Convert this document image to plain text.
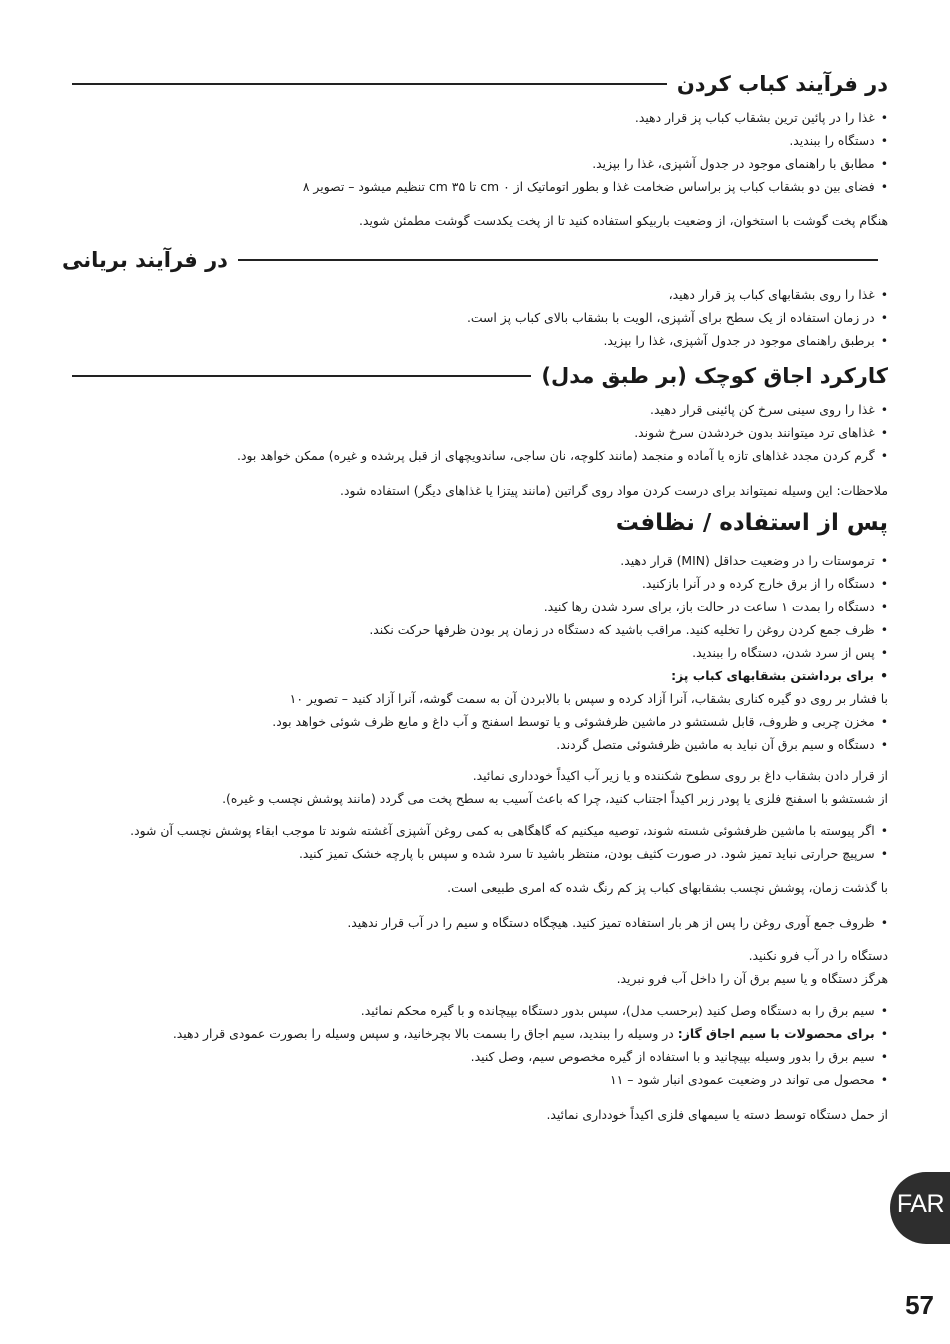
در فرآیند کباب کردن

• غذا را در پائین ترین بشقاب کباب پز قرار دهید.

• دستگاه را ببندید.

• مطابق با راهنمای موجود در جدول آشپزی، غذا را بپزید.

• فضای بین دو بشقاب کباب پز براساس ضخامت غذا و بطور اتوماتیک از ۰ cm تا ۳۵ cm تنظیم میشود – تصویر ۸

هنگام پخت گوشت با استخوان، از وضعیت باربیکو استفاده کنید تا از پخت یکدست گوشت مطمئن شوید.

در فرآیند بریانی

• غذا را روی بشقابهای کباب پز قرار دهید،

• در زمان استفاده از یک سطح برای آشپزی، الویت با بشقاب بالای کباب پز است.

• برطبق راهنمای موجود در جدول آشپزی، غذا را بپزید.

کارکرد اجاق کوچک (بر طبق مدل)

• غذا را روی سینی سرخ کن پائینی قرار دهید.

• غذاهای ترد میتوانند بدون خردشدن سرخ شوند.

• گرم کردن مجدد غذاهای تازه یا آماده و منجمد (مانند کلوچه، نان ساجی، ساندویچهای از قبل پرشده و غیره) ممکن خواهد بود.

ملاحظات: این وسیله نمیتواند برای درست کردن مواد روی گراتین (مانند پیتزا یا غذاهای دیگر) استفاده شود.

پس از استفاده / نظافت

• ترموستات را در وضعیت حداقل (MIN) قرار دهید.

• دستگاه را از برق خارج کرده و در آنرا بازکنید.

• دستگاه را بمدت ۱ ساعت در حالت باز، برای سرد شدن رها کنید.

• ظرف جمع کردن روغن را تخلیه کنید. مراقب باشید که دستگاه در زمان پر بودن ظرفها حرکت نکند.

• پس از سرد شدن، دستگاه را ببندید.

• برای برداشتن بشقابهای کباب پز:

با فشار بر روی دو گیره کناری بشقاب، آنرا آزاد کرده و سپس با بالابردن آن به سمت گوشه، آنرا آزاد کنید – تصویر ۱۰

• مخزن چربی و ظروف، قابل شستشو در ماشین ظرفشوئی و یا توسط اسفنج و آب داغ و مایع ظرف شوئی خواهد بود.

• دستگاه و سیم برق آن نباید به ماشین ظرفشوئی متصل گردند.

از قرار دادن بشقاب داغ بر روی سطوح شکننده و یا زیر آب اکیداً خودداری نمائید.

از شستشو با اسفنج فلزی یا پودر زبر اکیداً اجتناب کنید، چرا که باعث آسیب به سطح پخت می گردد (مانند پوشش نچسب و غیره).

• اگر پیوسته با ماشین ظرفشوئی شسته شوند، توصیه میکنیم که گاهگاهی به کمی روغن آشپزی آغشته شوند تا موجب ابقاء پوشش نچسب آن شود.

• سرپیچ حرارتی نباید تمیز شود. در صورت کثیف بودن، منتظر باشید تا سرد شده و سپس با پارچه خشک تمیز کنید.

با گذشت زمان، پوشش نچسب بشقابهای کباب پز کم رنگ شده که امری طبیعی است.

• ظروف جمع آوری روغن را پس از هر بار استفاده تمیز کنید. هیچگاه دستگاه و سیم را در آب قرار ندهید.

دستگاه را در آب فرو نکنید.

هرگز دستگاه و یا سیم برق آن را داخل آب فرو نبرید.

• سیم برق را به دستگاه وصل کنید (برحسب مدل)، سپس بدور دستگاه بپیچانده و با گیره محکم نمائید.

• برای محصولات با سیم اجاق گاز: در وسیله را ببندید، سیم اجاق را بسمت بالا بچرخانید، و سپس وسیله را بصورت عمودی قرار دهید.

• سیم برق را بدور وسیله بپیچانید و با استفاده از گیره مخصوص سیم، وصل کنید.

• محصول می تواند در وضعیت عمودی انبار شود – ۱۱

از حمل دستگاه توسط دسته یا سیمهای فلزی اکیداً خودداری نمائید.

FAR
57
